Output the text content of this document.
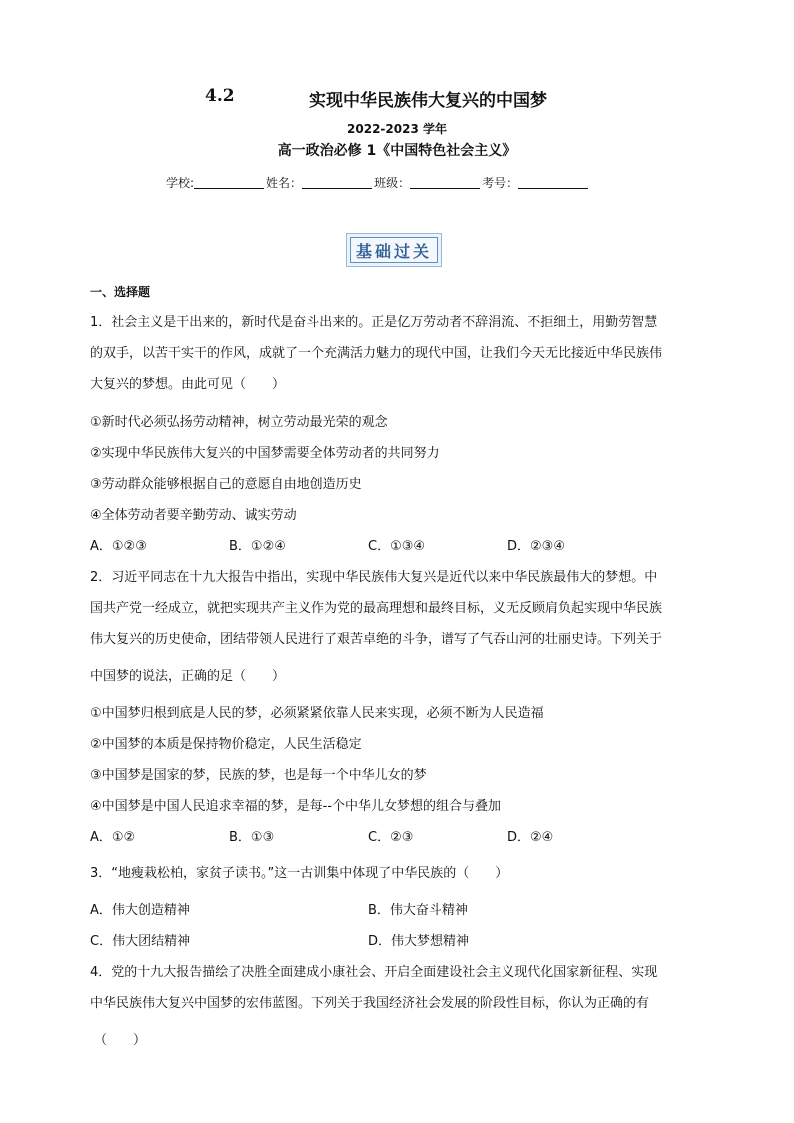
4.2	实现中华民族伟大复兴的中国梦
2022-2023 学年
高一政治必修 1《中国特色社会主义》
学校:	姓名：	班级：	考号：
基础过关
一、选择题
1．社会主义是干出来的，新时代是奋斗出来的。正是亿万劳动者不辞涓流、不拒细土，用勤劳智慧
的双手，以苦干实干的作风，成就了一个充满活力魅力的现代中国，让我们今天无比接近中华民族伟
大复兴的梦想。由此可见（　　）
①新时代必须弘扬劳动精神，树立劳动最光荣的观念
②实现中华民族伟大复兴的中国梦需要全体劳动者的共同努力
③劳动群众能够根据自己的意愿自由地创造历史
④全体劳动者要辛勤劳动、诚实劳动
A．①②③	B．①②④	C．①③④	D．②③④
2．习近平同志在十九大报告中指出，实现中华民族伟大复兴是近代以来中华民族最伟大的梦想。中
国共产党一经成立，就把实现共产主义作为党的最高理想和最终目标，义无反顾肩负起实现中华民族
伟大复兴的历史使命，团结带领人民进行了艰苦卓绝的斗争，谱写了气吞山河的壮丽史诗。下列关于
中国梦的说法，正确的足（　　）
①中国梦归根到底是人民的梦，必须紧紧依靠人民来实现，必须不断为人民造福
②中国梦的本质是保持物价稳定，人民生活稳定
③中国梦是国家的梦，民族的梦，也是每一个中华儿女的梦
④中国梦是中国人民追求幸福的梦，是每--个中华儿女梦想的组合与叠加
A．①②	B．①③	C．②③	D．②④
3．“地瘦栽松柏，家贫子读书。”这一古训集中体现了中华民族的（　　）
A．伟大创造精神	B．伟大奋斗精神
C．伟大团结精神	D．伟大梦想精神
4．党的十九大报告描绘了决胜全面建成小康社会、开启全面建设社会主义现代化国家新征程、实现
中华民族伟大复兴中国梦的宏伟蓝图。下列关于我国经济社会发展的阶段性目标，你认为正确的有
（　　）
